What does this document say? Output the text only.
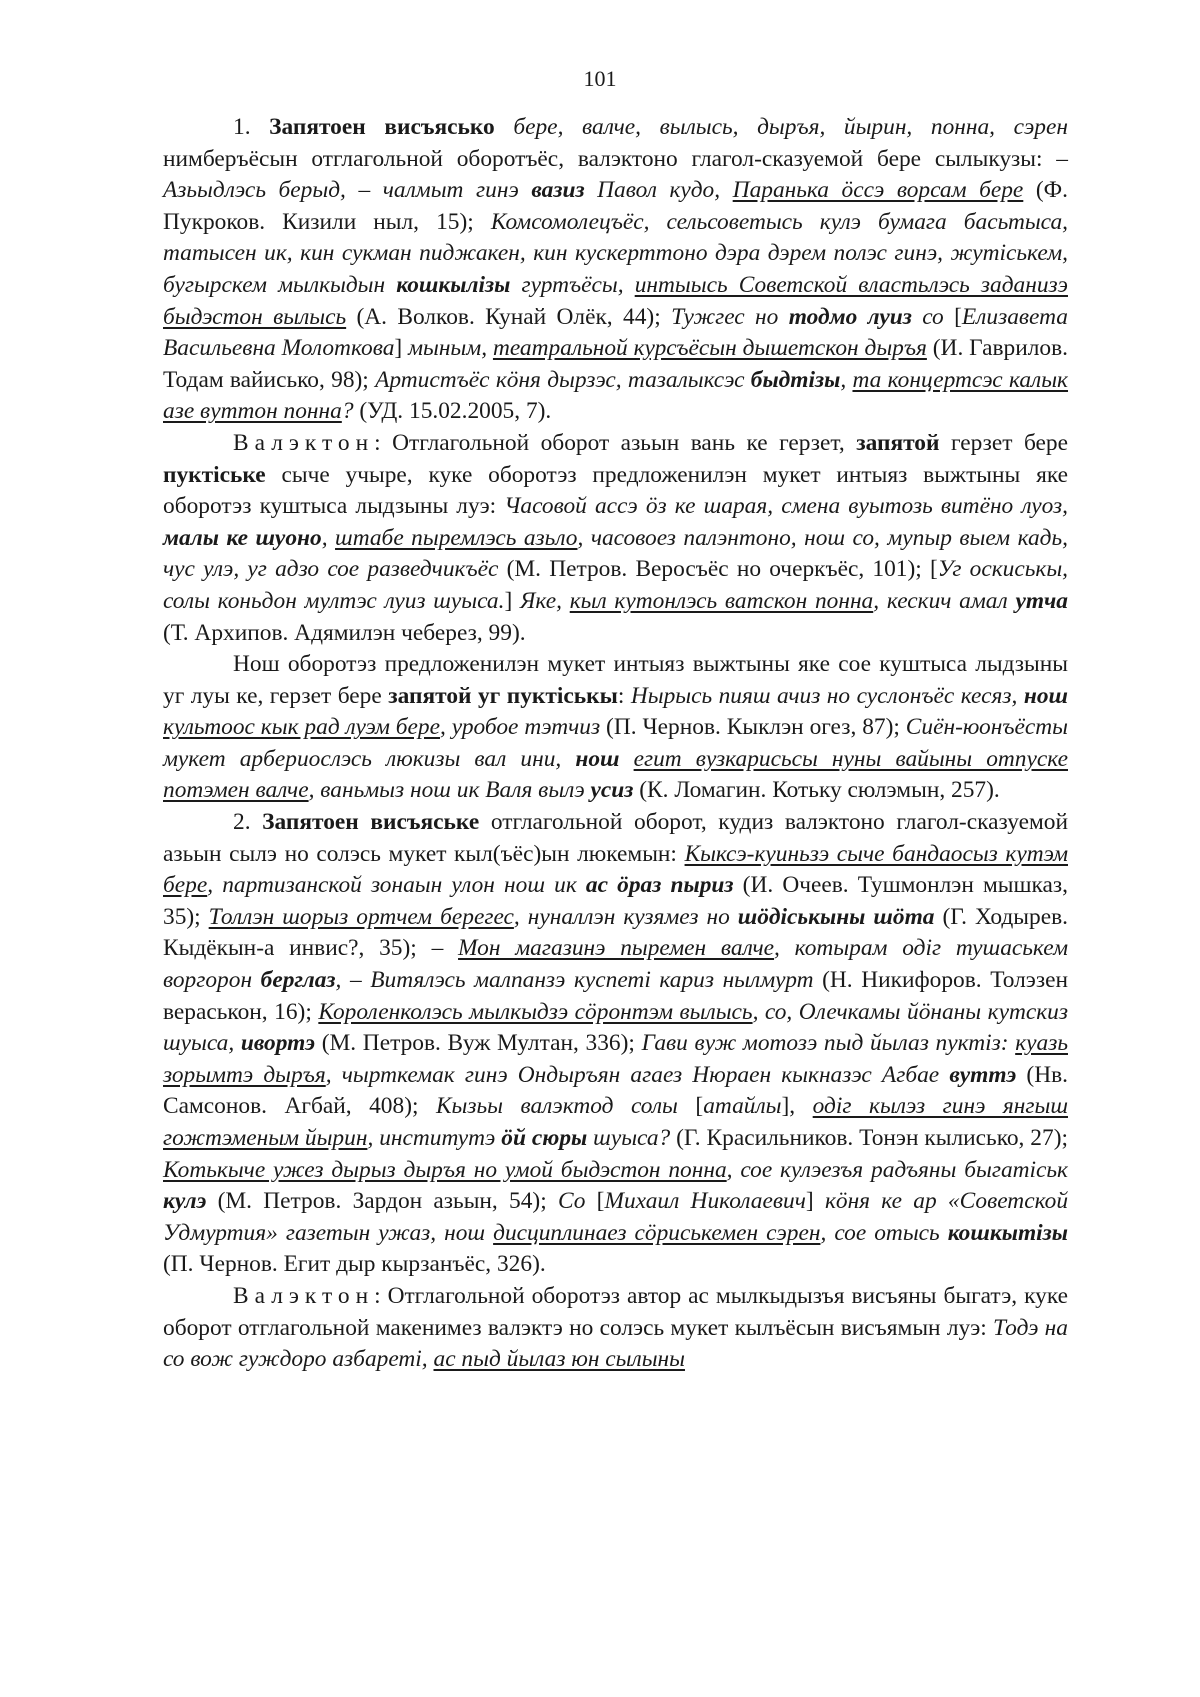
101

1. Запятоен висъясько бере, валче, вылысь, дыръя, йырин, понна, сэрен нимберъёсын отглагольной оборотъёс, валэктоно глагол-сказуемой бере сылыкузы: – Азьыдлэсь берыд, – чалмыт гинэ вазиз Павол кудо, Паранька öссэ ворсам бере (Ф. Пукроков. Кизили ныл, 15); Комсомолецъёс, сельсоветысь кулэ бумага басьтыса, татысен ик, кин сукман пиджакен, кин кускерттоно дэра дэрем полэс гинэ, жутiськем, бугырскем мылкыдын кошкылiзы гуртъёсы, интыысь Советской властьлэсь заданизэ быдэстон вылысь (А. Волков. Кунай Олёк, 44); Тужгес но тодмо луиз со [Елизавета Васильевна Молоткова] мыным, театральной курсъёсын дышетскон дыръя (И. Гаврилов. Тодам вайисько, 98); Артистъёс кöня дырзэс, тазалыксэс быдтiзы, та концертсэс калык азе вуттон понна? (УД. 15.02.2005, 7).

Валэктон: Отглагольной оборот азьын вань ке герзет, запятой герзет бере пуктiське сыче учыре, куке оборотэз предложенилэн мукет интыяз выжтыны яке оборотэз куштыса лыдзыны луэ: Часовой ассэ öз ке шарая, смена вуытозь витёно луоз, малы ке шуоно, штабе пыремлэсь азьло, часовоез палэнтоно, нош со, мупыр выем кадь, чус улэ, уг адзо сое разведчикъёс (М. Петров. Веросъёс но очеркъёс, 101); [Уг оскиськы, солы коньдон мултэс луиз шуыса.] Яке, кыл кутонлэсь ватскон понна, кескич амал утча (Т. Архипов. Адямилэн чеберез, 99).

Нош оборотэз предложенилэн мукет интыяз выжтыны яке сое куштыса лыдзыны уг луы ке, герзет бере запятой уг пуктiськы: Нырысь пияш ачиз но суслонъёс кесяз, нош культоос кык рад луэм бере, уробое тэтчиз (П. Чернов. Кыклэн огез, 87); Сиён-юонъёсты мукет арбериослэсь люкизы вал ини, нош егит вузкарисьсы нуны вайыны отпуске потэмен валче, ваньмыз нош ик Валя вылэ усиз (К. Ломагин. Котьку сюлэмын, 257).

2. Запятоен висъяське отглагольной оборот, кудиз валэктоно глагол-сказуемой азьын сылэ но солэсь мукет кыл(ъёс)ын люкемын: Кыксэ-куиньзэ сыче бандаосыз кутэм бере, партизанской зонаын улон нош ик ас öраз пыриз (И. Очеев. Тушмонлэн мышказ, 35); Толлэн шорыз ортчем берегес, нуналлэн кузямез но шöдiськыны шöта (Г. Ходырев. Кыдёкын-а инвис?, 35); – Мон магазинэ пыремен валче, котырам одiг тушаськем воргорон берглаз, – Витялэсь малпанзэ куспетi кариз нылмурт (Н. Никифоров. Толэзен вераськон, 16); Короленколэсь мылкыдзэ сöронтэм вылысь, со, Олечкамы йöнаны кутскиз шуыса, ивортэ (М. Петров. Вуж Мултан, 336); Гави вуж мотозэ пыд йылаз пуктiз: куазь зорымтэ дыръя, чырткемак гинэ Ондыръян агаез Нюраен кыкназэс Агбае вуттэ (Нв. Самсонов. Агбай, 408); Кызьы валэктод солы [атайлы], одiг кылэз гинэ янгыш гожтэменым йырин, институтэ öй сюры шуыса? (Г. Красильников. Тонэн кылисько, 27); Котькыче ужез дырыз дыръя но умой быдэстон понна, сое кулэезъя радъяны быгатiськ кулэ (М. Петров. Зардон азьын, 54); Со [Михаил Николаевич] кöня ке ар «Советской Удмуртия» газетын ужаз, нош дисциплинаез сöриськемен сэрен, сое отысь кошкытiзы (П. Чернов. Егит дыр кырзанъёс, 326).

Валэктон: Отглагольной оборотэз автор ас мылкыдызъя висъяны быгатэ, куке оборот отглагольной макенимез валэктэ но солэсь мукет кылъёсын висъямын луэ: Тодэ на со вож гуждоро азбаретi, ас пыд йылаз юн сылыны
